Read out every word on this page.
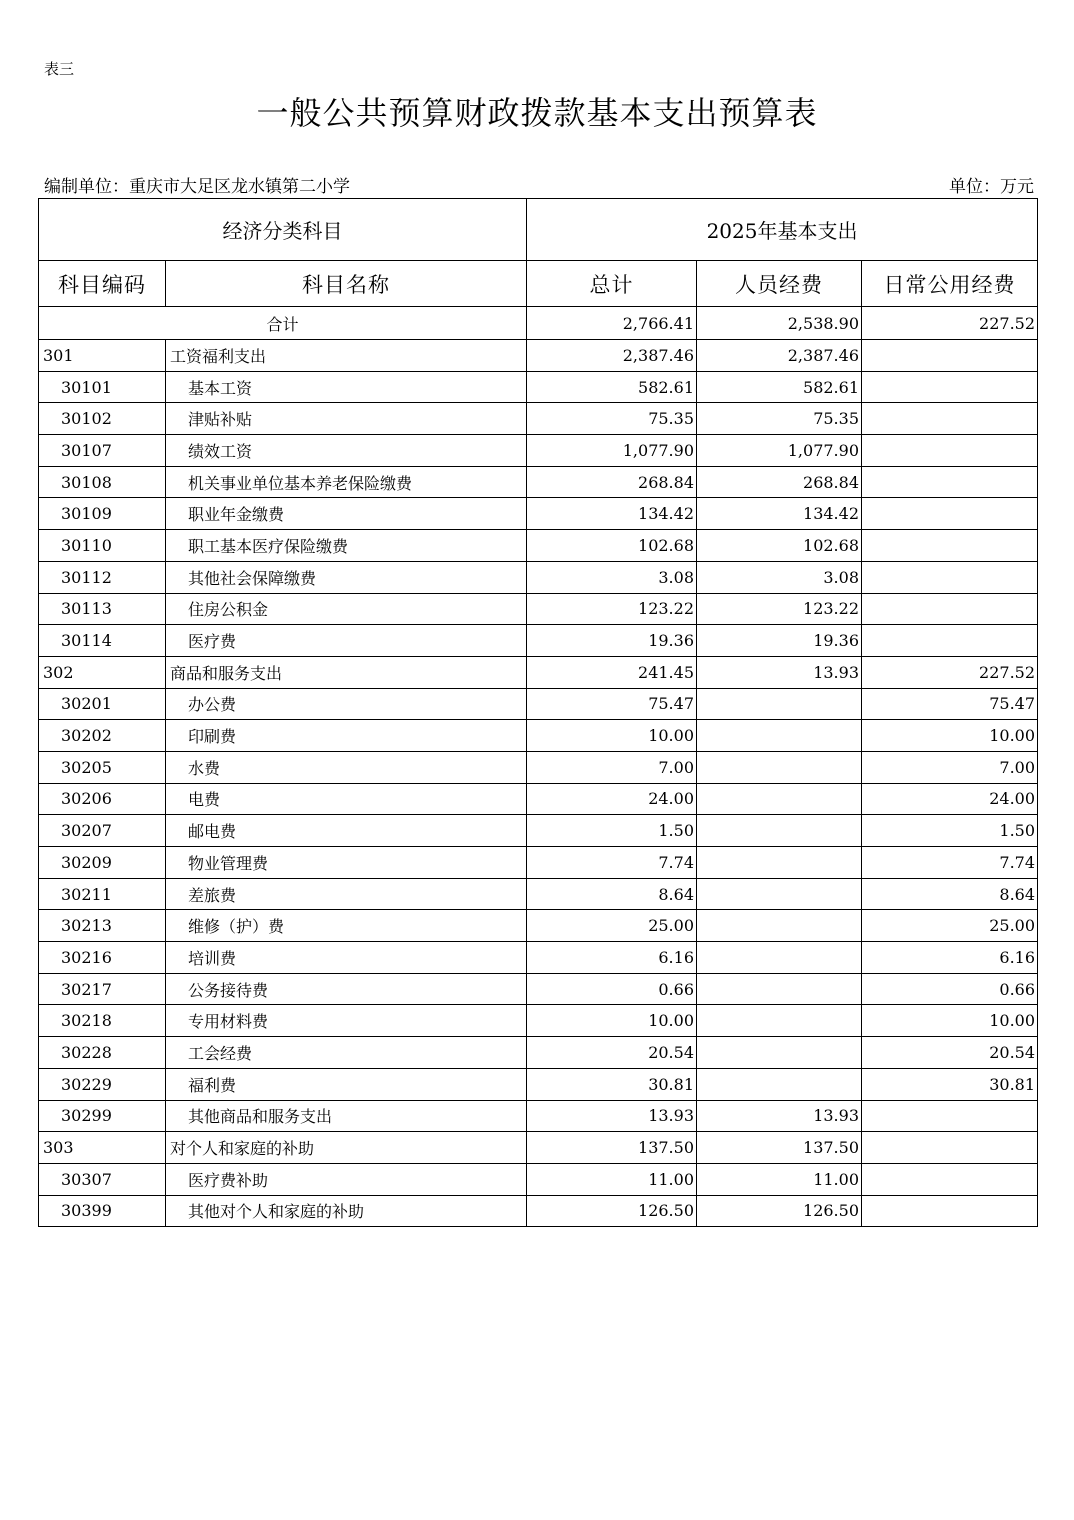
表三
一般公共预算财政拨款基本支出预算表
编制单位：重庆市大足区龙水镇第二小学	单位：万元
经济分类科目		2025年基本支出		
科目编码	科目名称	总计	人员经费	日常公用经费
合计		2,766.41	2,538.90	227.52
301	工资福利支出	2,387.46	2,387.46	
30101	基本工资	582.61	582.61	
30102	津贴补贴	75.35	75.35	
30107	绩效工资	1,077.90	1,077.90	
30108	机关事业单位基本养老保险缴费	268.84	268.84	
30109	职业年金缴费	134.42	134.42	
30110	职工基本医疗保险缴费	102.68	102.68	
30112	其他社会保障缴费	3.08	3.08	
30113	住房公积金	123.22	123.22	
30114	医疗费	19.36	19.36	
302	商品和服务支出	241.45	13.93	227.52
30201	办公费	75.47		75.47
30202	印刷费	10.00		10.00
30205	水费	7.00		7.00
30206	电费	24.00		24.00
30207	邮电费	1.50		1.50
30209	物业管理费	7.74		7.74
30211	差旅费	8.64		8.64
30213	维修（护）费	25.00		25.00
30216	培训费	6.16		6.16
30217	公务接待费	0.66		0.66
30218	专用材料费	10.00		10.00
30228	工会经费	20.54		20.54
30229	福利费	30.81		30.81
30299	其他商品和服务支出	13.93	13.93	
303	对个人和家庭的补助	137.50	137.50	
30307	医疗费补助	11.00	11.00	
30399	其他对个人和家庭的补助	126.50	126.50	
